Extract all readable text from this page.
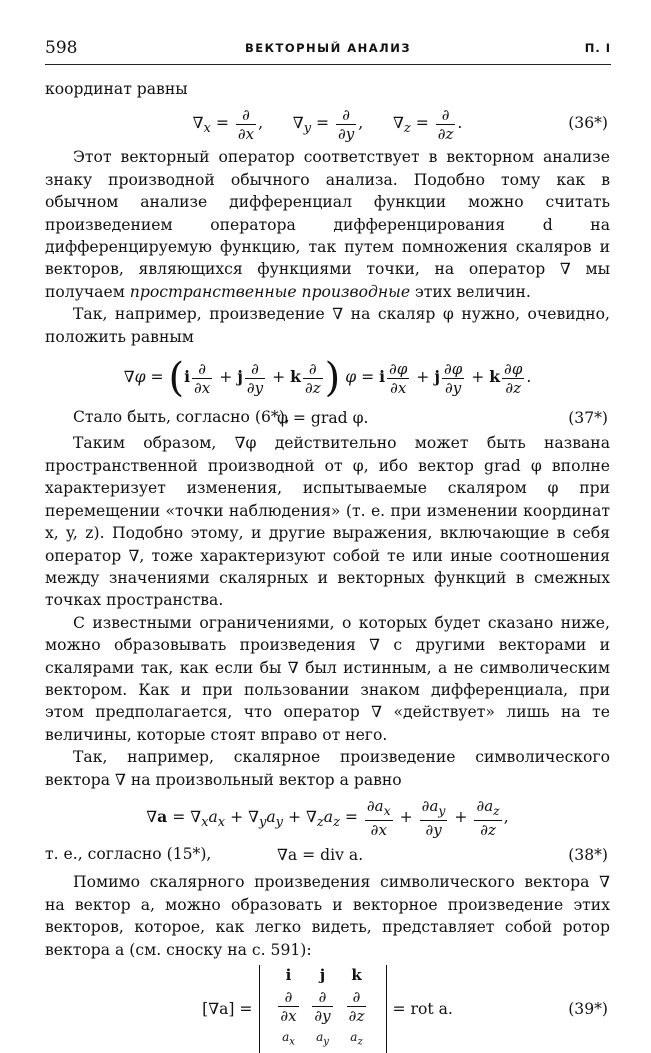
598	ВЕКТОРНЫЙ АНАЛИЗ	П. I

координат равны

$\nabla_x = \frac{\partial}{\partial x}$ ,      $\nabla_y = \frac{\partial}{\partial y}$ ,      $\nabla_z = \frac{\partial}{\partial z}$ .	(36*)

Этот векторный оператор соответствует в векторном анализе знаку производной обычного анализа. Подобно тому как в обычном анализе дифференциал функции можно считать произведением оператора дифференцирования d на дифференцируемую функцию, так путем помножения скаляров и векторов, являющихся функциями точки, на оператор ∇ мы получаем пространственные производные этих величин.

Так, например, произведение ∇ на скаляр φ нужно, очевидно, положить равным

$\nabla\varphi = (i \frac{\partial}{\partial x} + j \frac{\partial}{\partial y} + k \frac{\partial}{\partial z}$ ) φ = i $\frac{\partial\varphi}{\partial x} + j \frac{\partial\varphi}{\partial y} + k \frac{\partial\varphi}{\partial z}$ .

Стало быть, согласно (6*),

φ = grad φ.	(37*)

Таким образом, ∇φ действительно может быть названа пространственной производной от φ, ибо вектор grad φ вполне характеризует изменения, испытываемые скаляром φ при перемещении «точки наблюдения» (т. е. при изменении координат x, y, z). Подобно этому, и другие выражения, включающие в себя оператор ∇, тоже характеризуют собой те или иные соотношения между значениями скалярных и векторных функций в смежных точках пространства.

С известными ограничениями, о которых будет сказано ниже, можно образовывать произведения ∇ с другими векторами и скалярами так, как если бы ∇ был истинным, а не символическим вектором. Как и при пользовании знаком дифференциала, при этом предполагается, что оператор ∇ «действует» лишь на те величины, которые стоят вправо от него.

Так, например, скалярное произведение символического вектора ∇ на произвольный вектор a равно

$\nabla a = \nabla_xa_x + \nabla_ya_y + \nabla_za_z = \frac{\partial a_x}{\partial x} + \frac{\partial a_y}{\partial y} + \frac{\partial a_z}{\partial z}$ ,

т. е., согласно (15*),	∇a = div a.	(38*)

Помимо скалярного произведения символического вектора ∇ на вектор a, можно образовать и векторное произведение этих векторов, которое, как легко видеть, представляет собой ротор вектора a (см. сноску на с. 591):

[∇a] =
i	j	k

$\frac{\partial}{\partial x}$	$\frac{\partial}{\partial y}$	$\frac{\partial}{\partial z}$

$a_x$	$a_y$	$a_z$
= rot a.	(39*)
